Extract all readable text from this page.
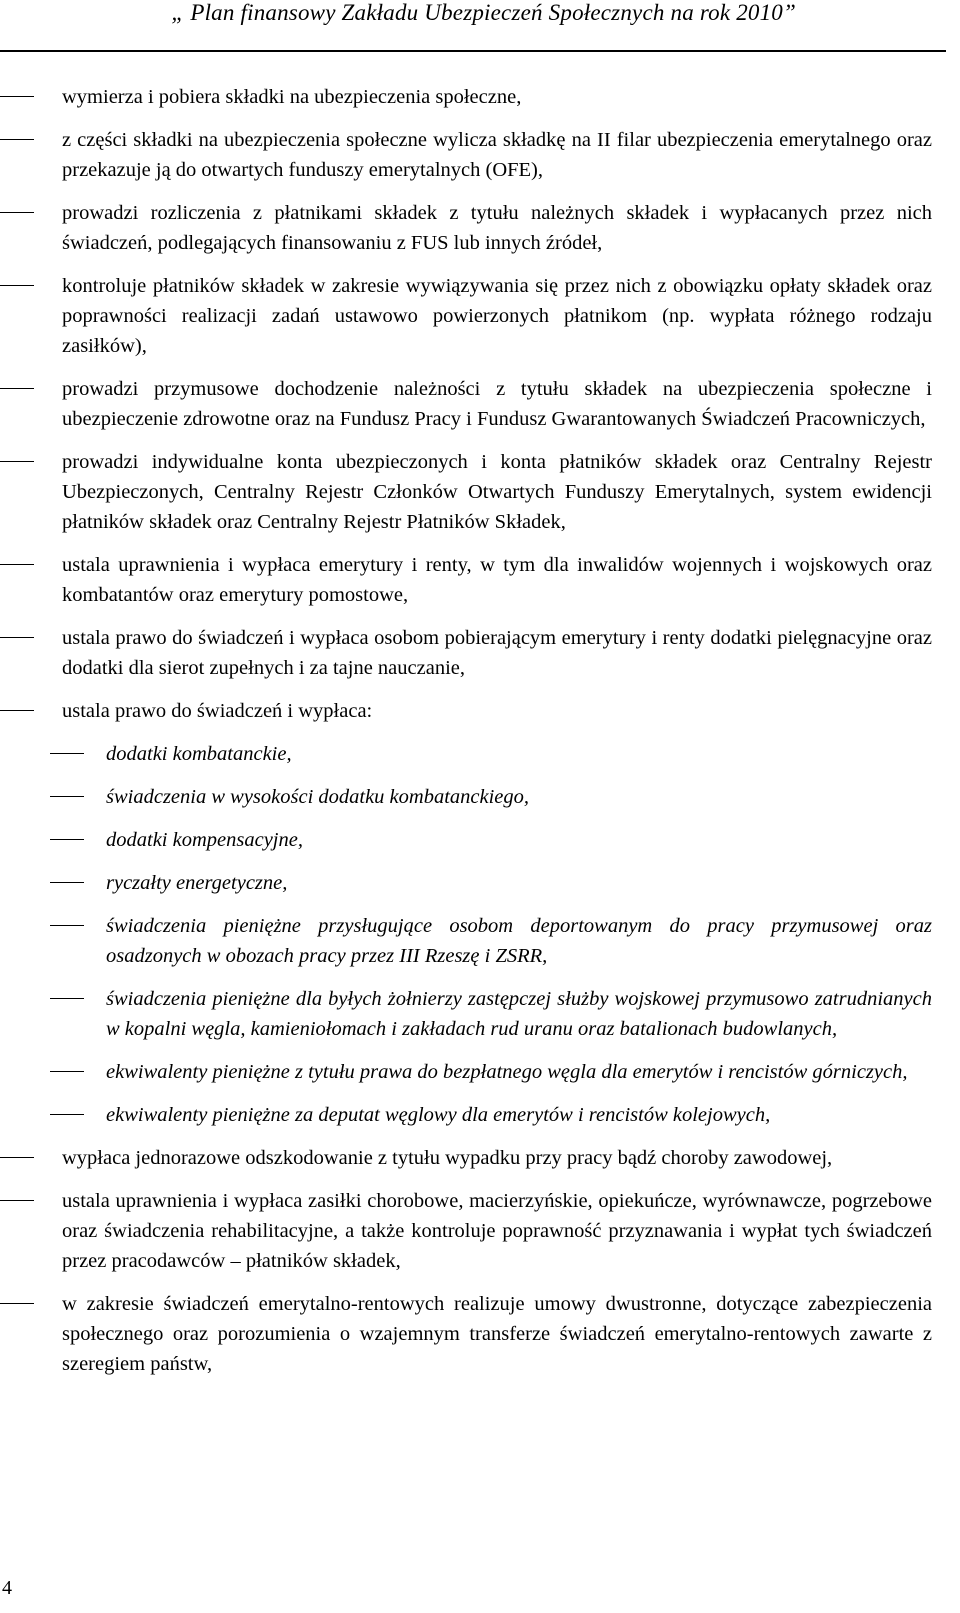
„ Plan finansowy Zakładu Ubezpieczeń Społecznych na rok 2010”
wymierza i pobiera składki na ubezpieczenia społeczne,
z części składki na ubezpieczenia społeczne wylicza składkę na II filar ubezpieczenia emerytalnego oraz przekazuje ją do otwartych funduszy emerytalnych (OFE),
prowadzi rozliczenia z płatnikami składek z tytułu należnych składek i wypłacanych przez nich świadczeń, podlegających finansowaniu z FUS lub innych źródeł,
kontroluje płatników składek w zakresie wywiązywania się przez nich z obowiązku opłaty składek oraz poprawności realizacji zadań ustawowo powierzonych płatnikom (np. wypłata różnego rodzaju zasiłków),
prowadzi przymusowe dochodzenie należności z tytułu składek na ubezpieczenia społeczne i ubezpieczenie zdrowotne oraz na Fundusz Pracy i Fundusz Gwarantowanych Świadczeń Pracowniczych,
prowadzi indywidualne konta ubezpieczonych i konta płatników składek oraz Centralny Rejestr Ubezpieczonych, Centralny Rejestr Członków Otwartych Funduszy Emerytalnych, system ewidencji płatników składek oraz Centralny Rejestr Płatników Składek,
ustala uprawnienia i wypłaca emerytury i renty, w tym dla inwalidów wojennych i wojskowych oraz kombatantów oraz emerytury pomostowe,
ustala prawo do świadczeń i wypłaca osobom pobierającym emerytury i renty dodatki pielęgnacyjne oraz dodatki dla sierot zupełnych i za tajne nauczanie,
ustala prawo do świadczeń i wypłaca:
dodatki kombatanckie,
świadczenia w wysokości dodatku kombatanckiego,
dodatki kompensacyjne,
ryczałty energetyczne,
świadczenia pieniężne przysługujące osobom deportowanym do pracy przymusowej oraz osadzonych w obozach pracy przez III Rzeszę i ZSRR,
świadczenia pieniężne dla byłych żołnierzy zastępczej służby wojskowej przymusowo zatrudnianych w kopalni węgla, kamieniołomach i zakładach rud uranu oraz batalionach budowlanych,
ekwiwalenty pieniężne z tytułu prawa do bezpłatnego węgla dla emerytów i rencistów górniczych,
ekwiwalenty pieniężne za deputat węglowy dla emerytów i rencistów kolejowych,
wypłaca jednorazowe odszkodowanie z tytułu wypadku przy pracy bądź choroby zawodowej,
ustala uprawnienia i wypłaca zasiłki chorobowe, macierzyńskie, opiekuńcze, wyrównawcze, pogrzebowe oraz świadczenia rehabilitacyjne, a także kontroluje poprawność przyznawania i wypłat tych świadczeń przez pracodawców – płatników składek,
w zakresie świadczeń emerytalno-rentowych realizuje umowy dwustronne, dotyczące zabezpieczenia społecznego oraz porozumienia o wzajemnym transferze świadczeń emerytalno-rentowych zawarte z szeregiem państw,
4
